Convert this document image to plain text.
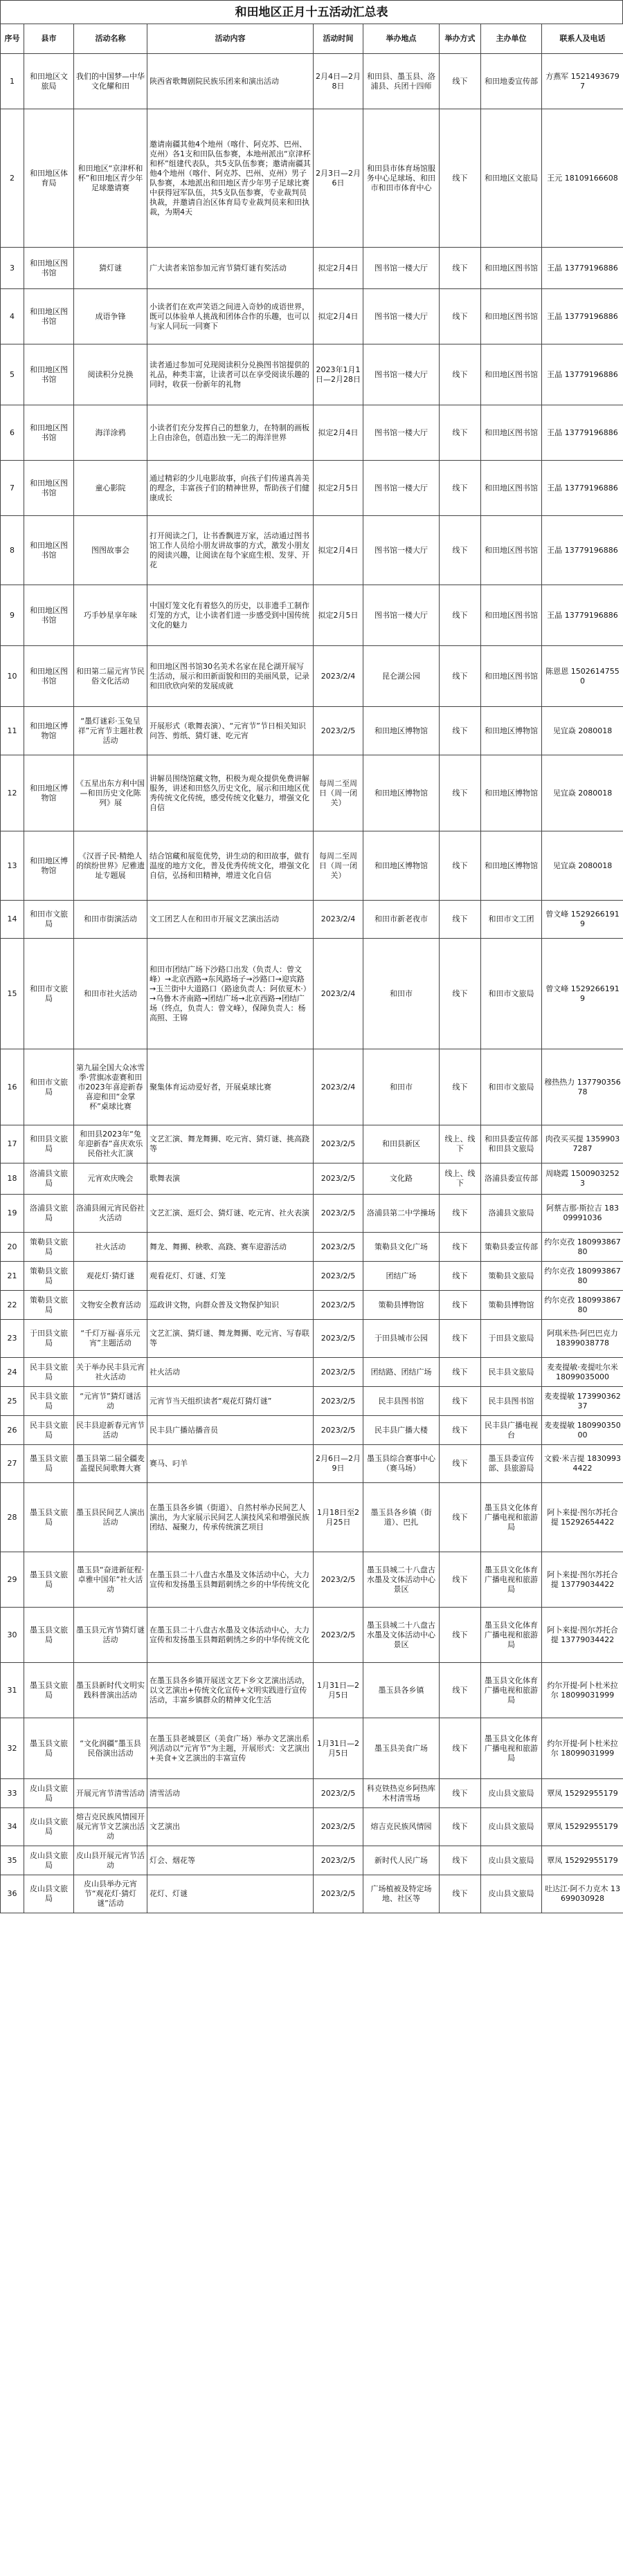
和田地区正月十五活动汇总表
序号	县市	活动名称	活动内容	活动时间	举办地点	举办方式	主办单位	联系人及电话
1	和田地区文旅局	我们的中国梦—中华文化耀和田	陕西省歌舞剧院民族乐团来和演出活动	2月4日—2月8日	和田县、墨玉县、洛浦县、兵团十四师	线下	和田地委宣传部	方燕军 15214936797
2	和田地区体育局	和田地区“京津杯和杯”和田地区青少年足球邀请赛	邀请南疆其他4个地州（喀什、阿克苏、巴州、克州）各1支和田队伍参赛，本地州派出“京津杯和杯”组建代表队，共5支队伍参赛；邀请南疆其他4个地州（喀什、阿克苏、巴州、克州）男子队参赛，本地派出和田地区青少年男子足球比赛中获得冠军队伍，共5支队伍参赛，专业裁判员执裁，并邀请自治区体育局专业裁判员来和田执裁，为期4天	2月3日—2月6日	和田县市体育场馆服务中心足球场、和田市和田市体育中心	线下	和田地区文旅局	王元 18109166608
3	和田地区图书馆	猜灯谜	广大读者来馆参加元宵节猜灯谜有奖活动	拟定2月4日	图书馆一楼大厅	线下	和田地区图书馆	王晶 13779196886
4	和田地区图书馆	成语争锋	小读者们在欢声笑语之间进入奇妙的成语世界，既可以体验单人挑战和团体合作的乐趣，也可以与家人同玩一同赛下	拟定2月4日	图书馆一楼大厅	线下	和田地区图书馆	王晶 13779196886
5	和田地区图书馆	阅读积分兑换	读者通过参加可兑现阅读积分兑换图书馆提供的礼品，种类丰富，让读者可以在享受阅读乐趣的同时，收获一份新年的礼物	2023年1月1日—2月28日	图书馆一楼大厅	线下	和田地区图书馆	王晶 13779196886
6	和田地区图书馆	海洋涂鸦	小读者们充分发挥自己的想象力，在特制的画板上自由涂色，创造出独一无二的海洋世界	拟定2月4日	图书馆一楼大厅	线下	和田地区图书馆	王晶 13779196886
7	和田地区图书馆	童心影院	通过精彩的少儿电影故事，向孩子们传递真善美的理念，丰富孩子们的精神世界，帮助孩子们健康成长	拟定2月5日	图书馆一楼大厅	线下	和田地区图书馆	王晶 13779196886
8	和田地区图书馆	图图故事会	打开阅读之门，让书香飘进万家，活动通过图书馆工作人员给小朋友讲故事的方式，激发小朋友的阅读兴趣，让阅读在每个家庭生根、发芽、开花	拟定2月4日	图书馆一楼大厅	线下	和田地区图书馆	王晶 13779196886
9	和田地区图书馆	巧手妙星享年味	中国灯笼文化有着悠久的历史，以非遗手工制作灯笼的方式，让小读者们进一步感受到中国传统文化的魅力	拟定2月5日	图书馆一楼大厅	线下	和田地区图书馆	王晶 13779196886
10	和田地区图书馆	和田第二届元宵节民俗文化活动	和田地区图书馆30名美术名家在昆仑湖开展写生活动，展示和田新面貌和田的美丽风景，记录和田欣欣向荣的发展成就	2023/2/4	昆仑湖公园	线下	和田地区图书馆	陈恩恩 15026147550
11	和田地区博物馆	“墨灯谜彩·玉兔呈祥”元宵节主题社教活动	开展形式（歌舞表演）、“元宵节”节日相关知识问答、剪纸、猜灯谜、吃元宵	2023/2/5	和田地区博物馆	线下	和田地区博物馆	见宜焱 2080018
12	和田地区博物馆	《五星出东方利中国—和田历史文化陈列》展	讲解员围绕馆藏文物，积极为观众提供免费讲解服务，讲述和田悠久历史文化，展示和田地区优秀传统文化传统，感受传统文化魅力，增强文化自信	每周二至周日（周一闭关）	和田地区博物馆	线下	和田地区博物馆	见宜焱 2080018
13	和田地区博物馆	《汉晋子民·精绝人的缤纷世界》尼雅遗址专题展	结合馆藏和展览优势，讲生动的和田故事，做有温度的地方文化，普及优秀传统文化，增强文化自信，弘扬和田精神，增进文化自信	每周二至周日（周一闭关）	和田地区博物馆	线下	和田地区博物馆	见宜焱 2080018
14	和田市文旅局	和田市街演活动	文工团艺人在和田市开展文艺演出活动	2023/2/4	和田市新老夜市	线下	和田市文工团	曾文峰 15292661919
15	和田市文旅局	和田市社火活动	和田市团结广场下沙路口出发（负责人：曾文峰）→北京西路→东风路场子→沙路口→迎宾路→玉兰街中大道路口（路途负责人：阿依夏木·）→乌鲁木齐南路→团结广场→北京西路→团结广场（终点，负责人：曾文峰），保障负责人：杨高照、王锦	2023/2/4	和田市	线下	和田市文旅局	曾文峰 15292661919
16	和田市文旅局	第九届全国大众冰雪季·营旗冰壶赛和田市2023年喜迎新春喜迎和田“金掌杯”桌球比赛	聚集体育运动爱好者，开展桌球比赛	2023/2/4	和田市	线下	和田市文旅局	穆热热力 13779035678
17	和田县文旅局	和田县2023年“兔年迎新春”喜庆欢乐民俗社火汇演	文艺汇演、舞龙舞狮、吃元宵、猜灯谜、挑高跷等	2023/2/5	和田县新区	线上、线下	和田县委宣传部和田县文旅局	肉孜买买提 13599037287
18	洛浦县文旅局	元宵欢庆晚会	歌舞表演	2023/2/5	文化路	线上、线下	洛浦县委宣传部	周晓霞 15009032523
19	洛浦县文旅局	洛浦县闹元宵民俗社火活动	文艺汇演、逛灯会、猜灯谜、吃元宵、社火表演	2023/2/5	洛浦县第二中学操场	线下	洛浦县文旅局	阿蔡吉那·斯拉吉 18309991036
20	策勒县文旅局	社火活动	舞龙、舞狮、秧歌、高跷、赛车迎游活动	2023/2/5	策勒县文化广场	线下	策勒县委宣传部	约尔克孜 18099386780
21	策勒县文旅局	观花灯·猜灯谜	观看花灯、灯谜、灯笼	2023/2/5	团结广场	线下	策勒县文旅局	约尔克孜 18099386780
22	策勒县文旅局	文物安全教育活动	巡政讲文物，向群众普及文物保护知识	2023/2/5	策勒县博物馆	线下	策勒县博物馆	约尔克孜 18099386780
23	于田县文旅局	“千灯万福·喜乐元宵”主题活动	文艺汇演、猜灯谜、舞龙舞狮、吃元宵、写春联等	2023/2/5	于田县城市公园	线下	于田县文旅局	阿琪米热·阿巴巴克力 18399038778
24	民丰县文旅局	关于举办民丰县元宵社火活动	社火活动	2023/2/5	团结路、团结广场	线下	民丰县文旅局	麦麦提敏·麦提吐尔米 18099035000
25	民丰县文旅局	“元宵节”猜灯谜活动	元宵节当天组织读者“观花灯猜灯谜”	2023/2/5	民丰县图书馆	线下	民丰县图书馆	麦麦提敏 17399036237
26	民丰县文旅局	民丰县迎新春元宵节活动	民丰县广播站播音员	2023/2/5	民丰县广播大楼	线下	民丰县广播电视台	麦麦提敏 18099035000
27	墨玉县文旅局	墨玉县第二届全疆麦盖提民间歌舞大赛	赛马、叼羊	2月6日—2月9日	墨玉县综合赛事中心（赛马场）	线下	墨玉县委宣传部、县旅游局	文毅·米吉提 18309934422
28	墨玉县文旅局	墨玉县民间艺人演出活动	在墨玉县各乡镇（街道）、自然村举办民间艺人演出，为大家展示民间艺人演技风采和增强民族团结、凝聚力，传承传统演艺项目	1月18日至2月25日	墨玉县各乡镇（街道）、巴扎	线下	墨玉县文化体育广播电视和旅游局	阿卜来提·图尔苏托合提 15292654422
29	墨玉县文旅局	墨玉县“奋进新征程·卓雅中国年”社火活动	在墨玉县二十八盘古水墨及文体活动中心，大力宣传和发扬墨玉县舞蹈刺绣之乡的中华传统文化	2023/2/5	墨玉县城二十八盘古水墨及文体活动中心景区	线下	墨玉县文化体育广播电视和旅游局	阿卜来提·图尔苏托合提 13779034422
30	墨玉县文旅局	墨玉县元宵节猜灯谜活动	在墨玉县二十八盘古水墨及文体活动中心，大力宣传和发扬墨玉县舞蹈刺绣之乡的中华传统文化	2023/2/5	墨玉县城二十八盘古水墨及文体活动中心景区	线下	墨玉县文化体育广播电视和旅游局	阿卜来提·图尔苏托合提 13779034422
31	墨玉县文旅局	墨玉县新时代文明实践科普演出活动	在墨玉县各乡镇开展送文艺下乡文艺演出活动，以文艺演出+传统文化宣传+文明实践进行宣传活动，丰富乡镇群众的精神文化生活	1月31日—2月5日	墨玉县各乡镇	线下	墨玉县文化体育广播电视和旅游局	约尔开提·阿卜杜米拉尔 18099031999
32	墨玉县文旅局	“文化润疆”墨玉县民俗演出活动	在墨玉县老城景区（美食广场）举办文艺演出系列活动以“元宵节”为主题，开展形式：文艺演出+美食+文艺演出的丰富宣传	1月31日—2月5日	墨玉县美食广场	线下	墨玉县文化体育广播电视和旅游局	约尔开提·阿卜杜米拉尔 18099031999
33	皮山县文旅局	开展元宵节清雪活动	清雪活动	2023/2/5	科克铁热克乡阿热库木村清雪场	线下	皮山县文旅局	覃凤 15292955179
34	皮山县文旅局	熔吉克民族风情园开展元宵节文艺演出活动	文艺演出	2023/2/5	熔吉克民族风情园	线下	皮山县文旅局	覃凤 15292955179
35	皮山县文旅局	皮山县开展元宵节活动	灯会、烟花等	2023/2/5	新时代人民广场	线下	皮山县文旅局	覃凤 15292955179
36	皮山县文旅局	皮山县举办元宵节“观花灯·猜灯谜”活动	花灯、灯谜	2023/2/5	广场植被及特定场地、社区等	线下	皮山县文旅局	吐达江·阿不力克木 13699030928
